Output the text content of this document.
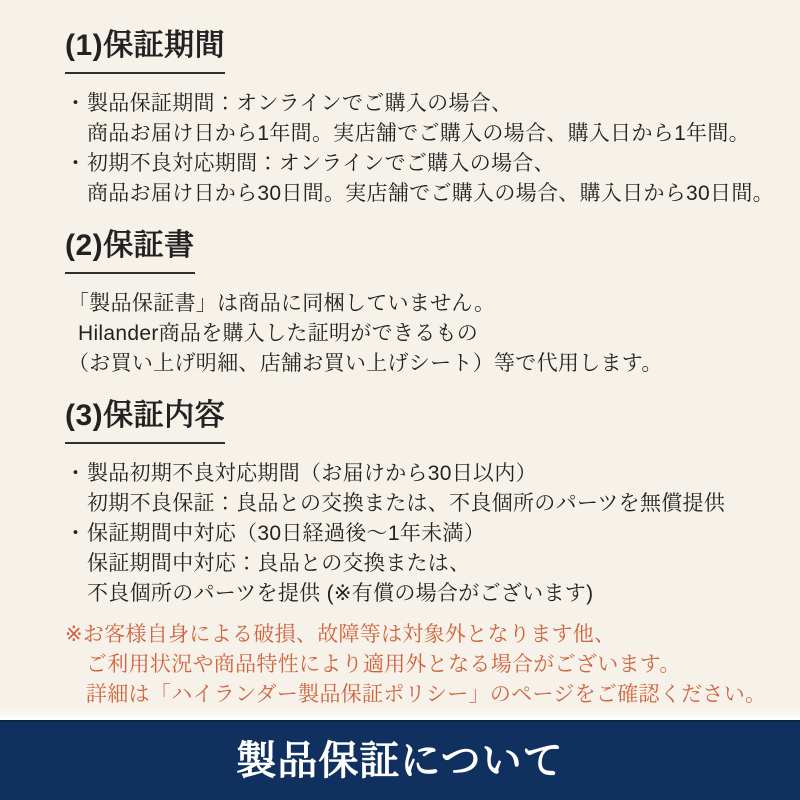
(1)保証期間
・ 製品保証期間：オンラインでご購入の場合、
商品お届け日から1年間。実店舗でご購入の場合、購入日から1年間。
・ 初期不良対応期間：オンラインでご購入の場合、
商品お届け日から30日間。実店舗でご購入の場合、購入日から30日間。
(2)保証書
「製品保証書」は商品に同梱していません。
Hilander商品を購入した証明ができるもの
（お買い上げ明細、店舗お買い上げシート）等で代用します。
(3)保証内容
・ 製品初期不良対応期間（お届けから30日以内）
初期不良保証：良品との交換または、不良個所のパーツを無償提供
・ 保証期間中対応（30日経過後～1年未満）
保証期間中対応：良品との交換または、
不良個所のパーツを提供 (※有償の場合がございます)
※お客様自身による破損、故障等は対象外となります他、
ご利用状況や商品特性により適用外となる場合がございます。
詳細は「ハイランダー製品保証ポリシー」のページをご確認ください。
製品保証について
